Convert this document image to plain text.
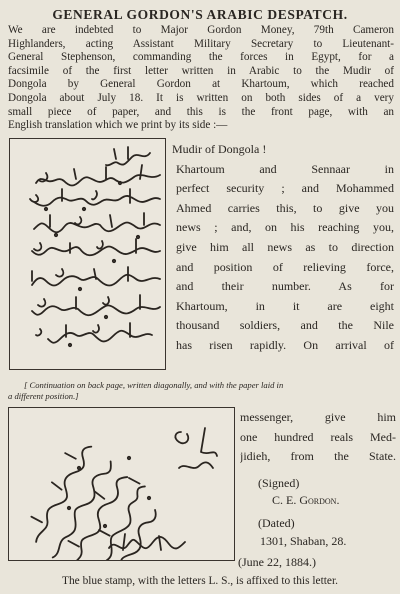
GENERAL GORDON'S ARABIC DESPATCH.

We are indebted to Major Gordon Money, 79th Cameron
Highlanders, acting Assistant Military Secretary to Lieutenant-
General Stephenson, commanding the forces in Egypt, for a
facsimile of the first letter written in Arabic to the Mudir of
Dongola by General Gordon at Khartoum, which reached
Dongola about July 18. It is written on both sides of a very
small piece of paper, and this is the front page, with an
English translation which we print by its side :—

Mudir of Dongola !
Khartoum and Sennaar in
perfect security ; and Mohammed
Ahmed carries this, to give you
news ; and, on his reaching you,
give him all news as to direction
and position of relieving force,
and their number. As for
Khartoum, in it are eight
thousand soldiers, and the Nile
has risen rapidly. On arrival of
[ Continuation on back page, written diagonally, and with the paper laid in
a different position.]
messenger, give him
one hundred reals Med-
jidieh, from the State.
(Signed)
C. E. Gordon.
(Dated)
1301, Shaban, 28.
(June 22, 1884.)
The blue stamp, with the letters L. S., is affixed to this letter.
